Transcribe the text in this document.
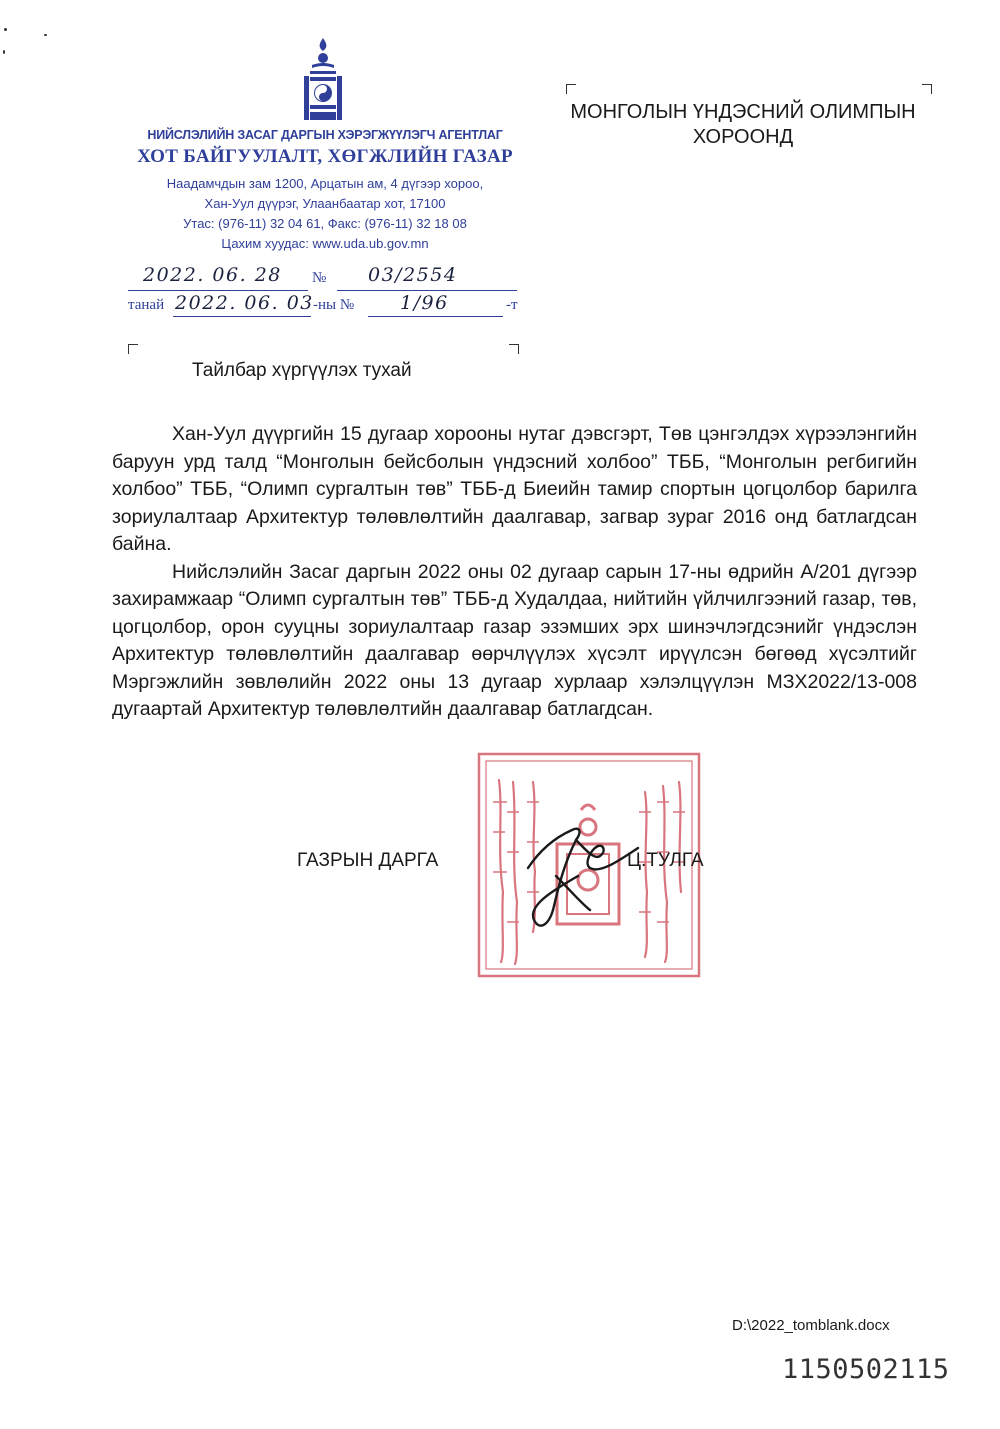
НИЙСЛЭЛИЙН ЗАСАГ ДАРГЫН ХЭРЭГЖҮҮЛЭГЧ АГЕНТЛАГ
ХОТ БАЙГУУЛАЛТ, ХӨГЖЛИЙН ГАЗАР
Наадамчдын зам 1200, Арцатын ам, 4 дүгээр хороо,
Хан-Уул дүүрэг, Улаанбаатар хот, 17100
Утас: (976-11) 32 04 61, Факс: (976-11) 32 18 08
Цахим хуудас: www.uda.ub.gov.mn
МОНГОЛЫН ҮНДЭСНИЙ ОЛИМПЫН
ХОРООНД
2022. 06. 28 № 03/2554
танай 2022. 06. 03 -ны № 1/96	-т
Тайлбар хүргүүлэх тухай

Хан-Уул дүүргийн 15 дугаар хорооны нутаг дэвсгэрт, Төв цэнгэлдэх хүрээлэнгийн баруун урд талд “Монголын бейсболын үндэсний холбоо” ТББ, “Монголын регбигийн холбоо” ТББ, “Олимп сургалтын төв” ТББ-д Биеийн тамир спортын цогцолбор барилга зориулалтаар Архитектур төлөвлөлтийн даалгавар, загвар зураг 2016 онд батлагдсан байна.

Нийслэлийн Засаг даргын 2022 оны 02 дугаар сарын 17-ны өдрийн А/201 дүгээр захирамжаар “Олимп сургалтын төв” ТББ-д Худалдаа, нийтийн үйлчилгээний газар, төв, цогцолбор, орон сууцны зориулалтаар газар эзэмших эрх шинэчлэгдсэнийг үндэслэн Архитектур төлөвлөлтийн даалгавар өөрчлүүлэх хүсэлт ирүүлсэн бөгөөд хүсэлтийг Мэргэжлийн зөвлөлийн 2022 оны 13 дугаар хурлаар хэлэлцүүлэн МЗХ2022/13-008 дугаартай Архитектур төлөвлөлтийн даалгавар батлагдсан.

ГАЗРЫН ДАРГА	Ц.ТУЛГА
D:\2022_tomblank.docx
1150502115
